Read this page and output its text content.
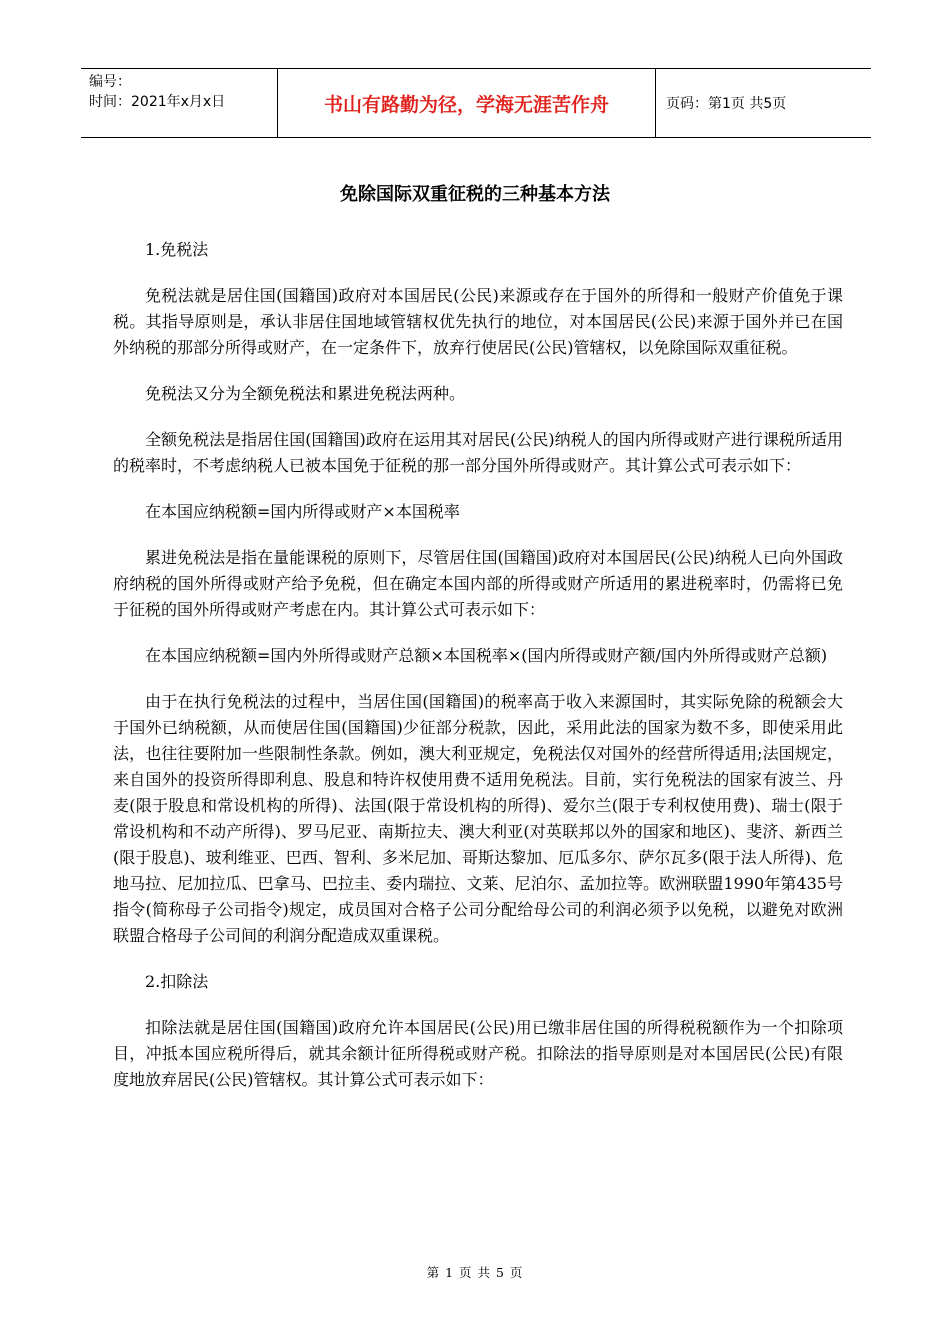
编号：
时间：2021年x月x日	书山有路勤为径，学海无涯苦作舟	页码：第1页 共5页
免除国际双重征税的三种基本方法

1.免税法

免税法就是居住国(国籍国)政府对本国居民(公民)来源或存在于国外的所得和一般财产价值免于课税。其指导原则是，承认非居住国地域管辖权优先执行的地位，对本国居民(公民)来源于国外并已在国外纳税的那部分所得或财产，在一定条件下，放弃行使居民(公民)管辖权，以免除国际双重征税。

免税法又分为全额免税法和累进免税法两种。

全额免税法是指居住国(国籍国)政府在运用其对居民(公民)纳税人的国内所得或财产进行课税所适用的税率时，不考虑纳税人已被本国免于征税的那一部分国外所得或财产。其计算公式可表示如下：

在本国应纳税额=国内所得或财产×本国税率

累进免税法是指在量能课税的原则下，尽管居住国(国籍国)政府对本国居民(公民)纳税人已向外国政府纳税的国外所得或财产给予免税，但在确定本国内部的所得或财产所适用的累进税率时，仍需将已免于征税的国外所得或财产考虑在内。其计算公式可表示如下：

在本国应纳税额=国内外所得或财产总额×本国税率×(国内所得或财产额/国内外所得或财产总额)

由于在执行免税法的过程中，当居住国(国籍国)的税率高于收入来源国时，其实际免除的税额会大于国外已纳税额，从而使居住国(国籍国)少征部分税款，因此，采用此法的国家为数不多，即使采用此法，也往往要附加一些限制性条款。例如，澳大利亚规定，免税法仅对国外的经营所得适用;法国规定，来自国外的投资所得即利息、股息和特许权使用费不适用免税法。目前，实行免税法的国家有波兰、丹麦(限于股息和常设机构的所得)、法国(限于常设机构的所得)、爱尔兰(限于专利权使用费)、瑞士(限于常设机构和不动产所得)、罗马尼亚、南斯拉夫、澳大利亚(对英联邦以外的国家和地区)、斐济、新西兰(限于股息)、玻利维亚、巴西、智利、多米尼加、哥斯达黎加、厄瓜多尔、萨尔瓦多(限于法人所得)、危地马拉、尼加拉瓜、巴拿马、巴拉圭、委内瑞拉、文莱、尼泊尔、孟加拉等。欧洲联盟1990年第435号指令(简称母子公司指令)规定，成员国对合格子公司分配给母公司的利润必须予以免税，以避免对欧洲联盟合格母子公司间的利润分配造成双重课税。

2.扣除法

扣除法就是居住国(国籍国)政府允许本国居民(公民)用已缴非居住国的所得税税额作为一个扣除项目，冲抵本国应税所得后，就其余额计征所得税或财产税。扣除法的指导原则是对本国居民(公民)有限度地放弃居民(公民)管辖权。其计算公式可表示如下：

第 1 页 共 5 页
